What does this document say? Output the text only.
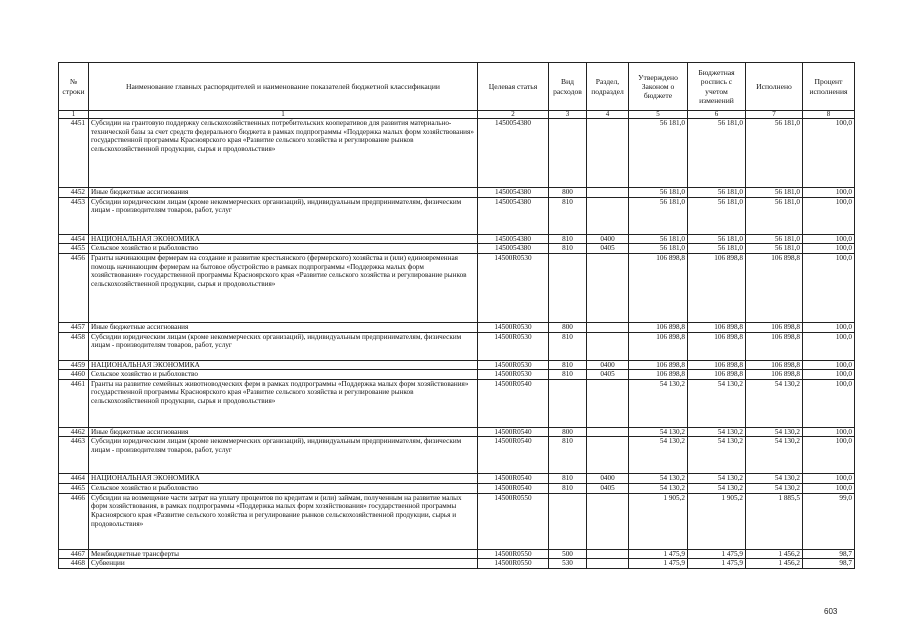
№ строки	Наименование главных распорядителей и наименование показателей бюджетной классификации	Целевая статья	Вид расходов	Раздел, подраздел	Утверждено Законом о бюджете	Бюджетная роспись с учетом изменений	Исполнено	Процент исполнения
1	1	2	3	4	5	6	7	8
4451	Субсидии на грантовую поддержку сельскохозяйственных потребительских кооперативов для развития материально-технической базы за счет средств федерального бюджета в рамках подпрограммы «Поддержка малых форм хозяйствования» государственной программы Красноярского края «Развитие сельского хозяйства и регулирование рынков сельскохозяйственной продукции, сырья и продовольствия»	1450054380			56 181,0	56 181,0	56 181,0	100,0
4452	Иные бюджетные ассигнования	1450054380	800		56 181,0	56 181,0	56 181,0	100,0
4453	Субсидии юридическим лицам (кроме некоммерческих организаций), индивидуальным предпринимателям, физическим лицам - производителям товаров, работ, услуг	1450054380	810		56 181,0	56 181,0	56 181,0	100,0
4454	НАЦИОНАЛЬНАЯ ЭКОНОМИКА	1450054380	810	0400	56 181,0	56 181,0	56 181,0	100,0
4455	Сельское хозяйство и рыболовство	1450054380	810	0405	56 181,0	56 181,0	56 181,0	100,0
4456	Гранты начинающим фермерам на создание и развитие крестьянского (фермерского) хозяйства и (или) единовременная помощь начинающим фермерам на бытовое обустройство в рамках подпрограммы «Поддержка малых форм хозяйствования» государственной программы Красноярского края «Развитие сельского хозяйства и регулирование рынков сельскохозяйственной продукции, сырья и продовольствия»	14500R0530			106 898,8	106 898,8	106 898,8	100,0
4457	Иные бюджетные ассигнования	14500R0530	800		106 898,8	106 898,8	106 898,8	100,0
4458	Субсидии юридическим лицам (кроме некоммерческих организаций), индивидуальным предпринимателям, физическим лицам - производителям товаров, работ, услуг	14500R0530	810		106 898,8	106 898,8	106 898,8	100,0
4459	НАЦИОНАЛЬНАЯ ЭКОНОМИКА	14500R0530	810	0400	106 898,8	106 898,8	106 898,8	100,0
4460	Сельское хозяйство и рыболовство	14500R0530	810	0405	106 898,8	106 898,8	106 898,8	100,0
4461	Гранты на развитие семейных животноводческих ферм в рамках подпрограммы «Поддержка малых форм хозяйствования» государственной программы Красноярского края «Развитие сельского хозяйства и регулирование рынков сельскохозяйственной продукции, сырья и продовольствия»	14500R0540			54 130,2	54 130,2	54 130,2	100,0
4462	Иные бюджетные ассигнования	14500R0540	800		54 130,2	54 130,2	54 130,2	100,0
4463	Субсидии юридическим лицам (кроме некоммерческих организаций), индивидуальным предпринимателям, физическим лицам - производителям товаров, работ, услуг	14500R0540	810		54 130,2	54 130,2	54 130,2	100,0
4464	НАЦИОНАЛЬНАЯ ЭКОНОМИКА	14500R0540	810	0400	54 130,2	54 130,2	54 130,2	100,0
4465	Сельское хозяйство и рыболовство	14500R0540	810	0405	54 130,2	54 130,2	54 130,2	100,0
4466	Субсидии на возмещение части затрат на уплату процентов по кредитам и (или) займам, полученным на развитие малых форм хозяйствования, в рамках подпрограммы «Поддержка малых форм хозяйствования» государственной программы Красноярского края «Развитие сельского хозяйства и регулирование рынков сельскохозяйственной продукции, сырья и продовольствия»	14500R0550			1 905,2	1 905,2	1 885,5	99,0
4467	Межбюджетные трансферты	14500R0550	500		1 475,9	1 475,9	1 456,2	98,7
4468	Субвенции	14500R0550	530		1 475,9	1 475,9	1 456,2	98,7
603
